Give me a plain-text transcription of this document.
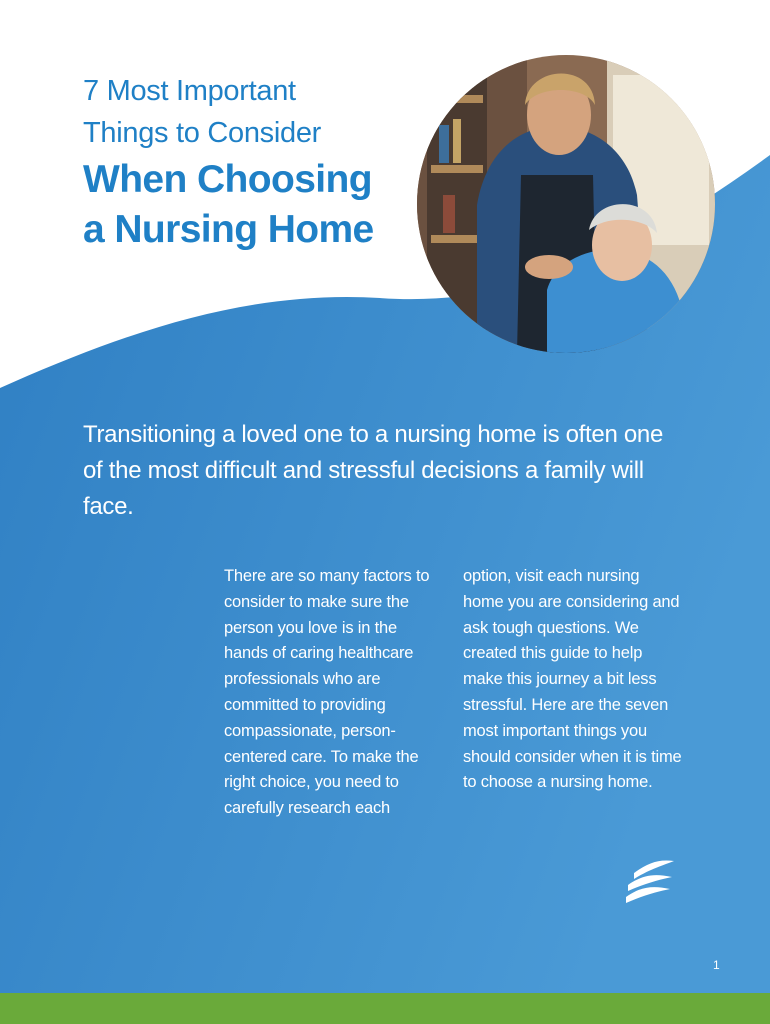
7 Most Important
Things to Consider
When Choosing
a Nursing Home
Transitioning a loved one to a nursing home is often one of the most difficult and stressful decisions a family will face.
There are so many factors to consider to make sure the person you love is in the hands of caring healthcare professionals who are committed to providing compassionate, person-centered care. To make the right choice, you need to carefully research each
option, visit each nursing home you are considering and ask tough questions. We created this guide to help make this journey a bit less stressful. Here are the seven most important things you should consider when it is time to choose a nursing home.
1
